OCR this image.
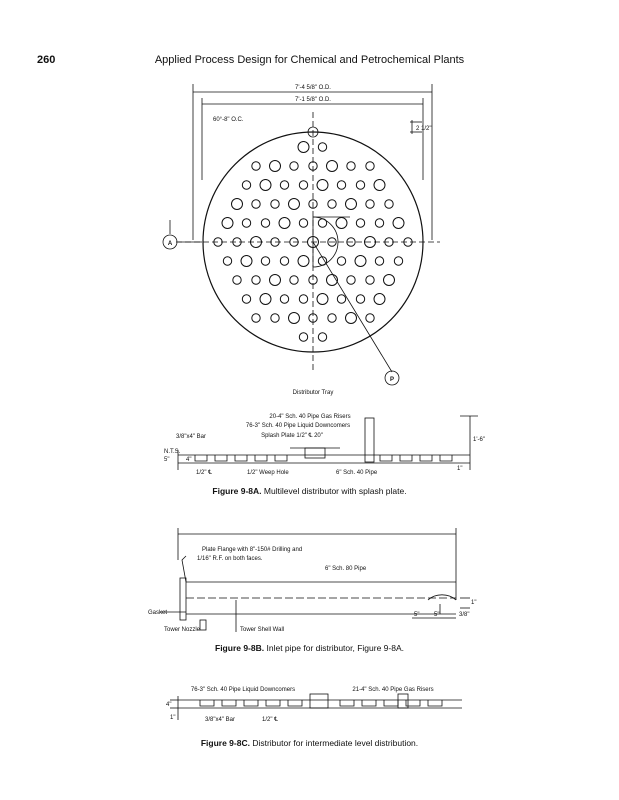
260	Applied Process Design for Chemical and Petrochemical Plants
7'-4 5/8" O.D.
7'-1 5/8" O.D.
60°-8" O.C.
2 1/2"
A
P
Distributor Tray
20-4" Sch. 40 Pipe Gas Risers
76-3" Sch. 40 Pipe Liquid Downcomers
Splash Plate 1/2" ℄ 20"
3/8"x4" Bar
N.T.S.
5"	4"
1/2" ℄	1/2" Weep Hole	6" Sch. 40 Pipe
1'-6"
1"
Plate Flange with 8"-150# Drilling and
1/16" R.F. on both faces.
6" Sch. 80 Pipe
Gasket
Tower Nozzle	Tower Shell Wall
5" 5"	3/8"
1"
76-3" Sch. 40 Pipe Liquid Downcomers	21-4" Sch. 40 Pipe Gas Risers
4"
1"	3/8"x4" Bar	1/2" ℄
Figure 9-8A. Multilevel distributor with splash plate.
Figure 9-8B. Inlet pipe for distributor, Figure 9-8A.
Figure 9-8C. Distributor for intermediate level distribution.
